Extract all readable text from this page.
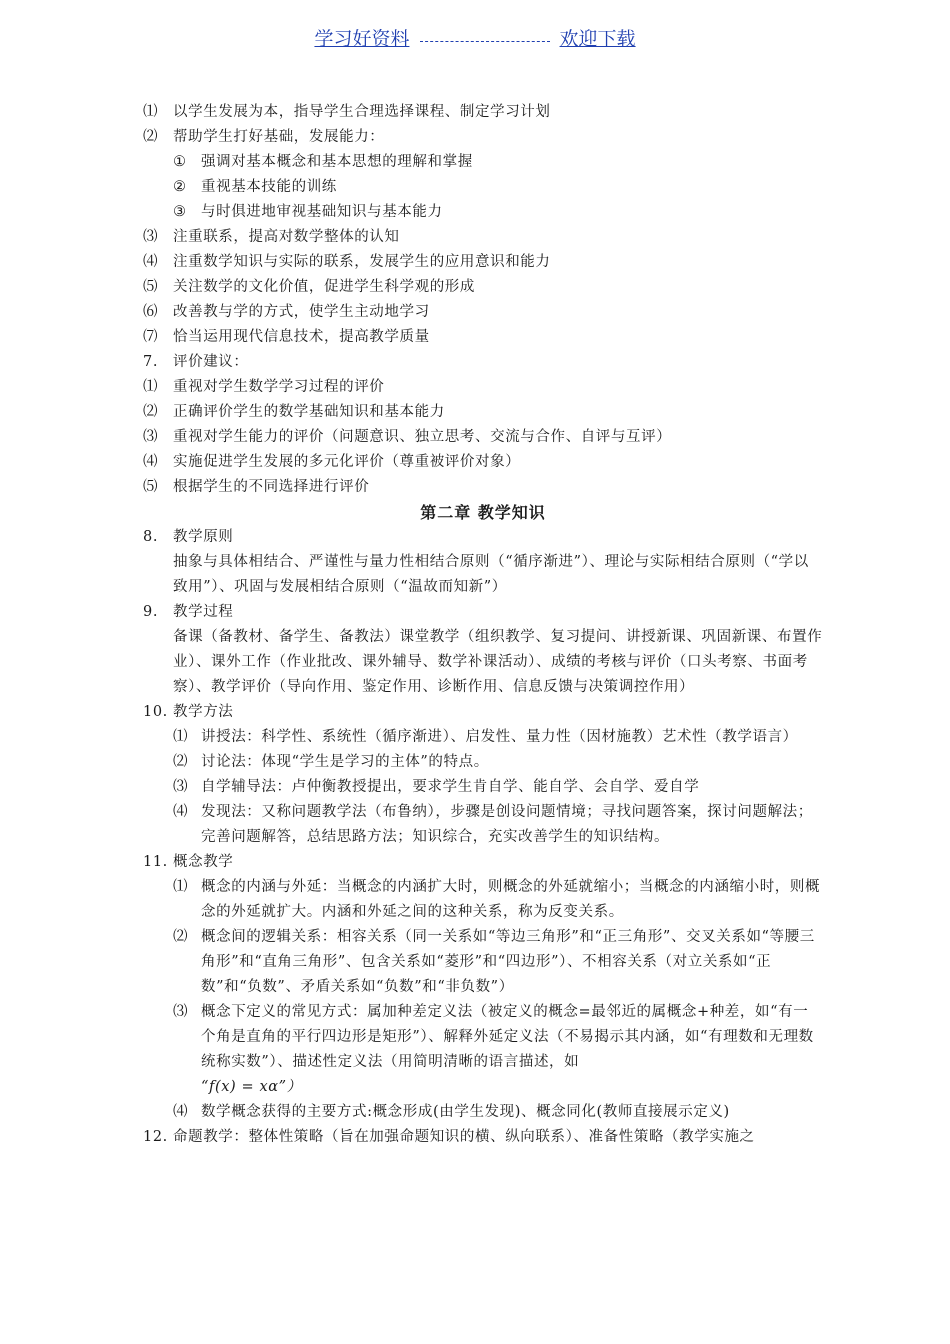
学习好资料	欢迎下载
⑴ 以学生发展为本，指导学生合理选择课程、制定学习计划
⑵ 帮助学生打好基础，发展能力：
① 强调对基本概念和基本思想的理解和掌握
② 重视基本技能的训练
③ 与时俱进地审视基础知识与基本能力
⑶ 注重联系，提高对数学整体的认知
⑷ 注重数学知识与实际的联系，发展学生的应用意识和能力
⑸ 关注数学的文化价值，促进学生科学观的形成
⑹ 改善教与学的方式，使学生主动地学习
⑺ 恰当运用现代信息技术，提高教学质量
7. 评价建议：
⑴ 重视对学生数学学习过程的评价
⑵ 正确评价学生的数学基础知识和基本能力
⑶ 重视对学生能力的评价（问题意识、独立思考、交流与合作、自评与互评）
⑷ 实施促进学生发展的多元化评价（尊重被评价对象）
⑸ 根据学生的不同选择进行评价
第二章 教学知识
8. 教学原则
抽象与具体相结合、严谨性与量力性相结合原则（“循序渐进”）、理论与实际相结合原则（“学以致用”）、巩固与发展相结合原则（“温故而知新”）
9. 教学过程
备课（备教材、备学生、备教法）课堂教学（组织教学、复习提问、讲授新课、巩固新课、布置作业）、课外工作（作业批改、课外辅导、数学补课活动）、成绩的考核与评价（口头考察、书面考察）、教学评价（导向作用、鉴定作用、诊断作用、信息反馈与决策调控作用）
10. 教学方法
⑴ 讲授法：科学性、系统性（循序渐进）、启发性、量力性（因材施教）艺术性（教学语言）
⑵ 讨论法：体现“学生是学习的主体”的特点。
⑶ 自学辅导法：卢仲衡教授提出，要求学生肯自学、能自学、会自学、爱自学
⑷ 发现法：又称问题教学法（布鲁纳），步骤是创设问题情境；寻找问题答案，探讨问题解法；完善问题解答，总结思路方法；知识综合，充实改善学生的知识结构。
11. 概念教学
⑴ 概念的内涵与外延：当概念的内涵扩大时，则概念的外延就缩小；当概念的内涵缩小时，则概念的外延就扩大。内涵和外延之间的这种关系，称为反变关系。
⑵ 概念间的逻辑关系：相容关系（同一关系如“等边三角形”和“正三角形”、交叉关系如“等腰三角形”和“直角三角形”、包含关系如“菱形”和“四边形”）、不相容关系（对立关系如“正数”和“负数”、矛盾关系如“负数”和“非负数”）
⑶ 概念下定义的常见方式：属加种差定义法（被定义的概念=最邻近的属概念+种差，如“有一个角是直角的平行四边形是矩形”）、解释外延定义法（不易揭示其内涵，如“有理数和无理数统称实数”）、描述性定义法（用简明清晰的语言描述，如
“f(x) = xα”）
⑷ 数学概念获得的主要方式:概念形成(由学生发现)、概念同化(教师直接展示定义)
12. 命题教学：整体性策略（旨在加强命题知识的横、纵向联系）、准备性策略（教学实施之
